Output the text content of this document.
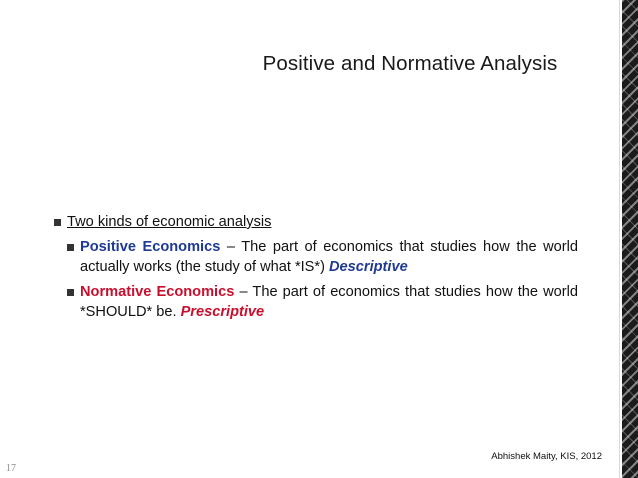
Positive and Normative Analysis
Two kinds of economic analysis
Positive Economics – The part of economics that studies how the world actually works (the study of what *IS*) Descriptive
Normative Economics – The part of economics that studies how the world *SHOULD* be. Prescriptive
Abhishek Maity, KIS, 2012
17
